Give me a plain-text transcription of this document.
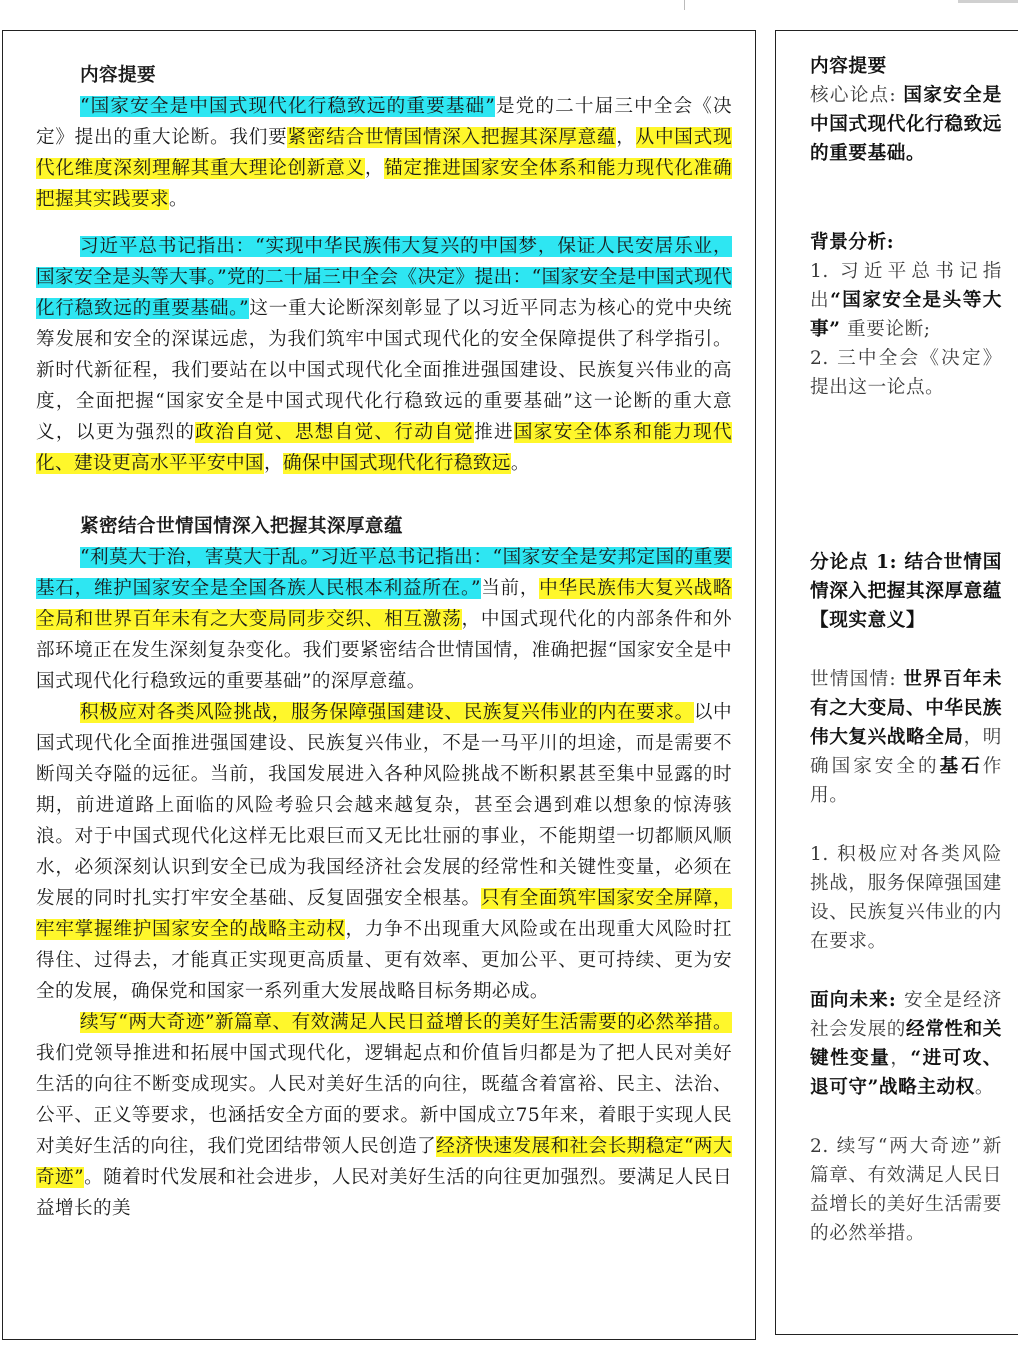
内容提要

“国家安全是中国式现代化行稳致远的重要基础”是党的二十届三中全会《决定》提出的重大论断。我们要紧密结合世情国情深入把握其深厚意蕴，从中国式现代化维度深刻理解其重大理论创新意义，锚定推进国家安全体系和能力现代化准确把握其实践要求。

习近平总书记指出：“实现中华民族伟大复兴的中国梦，保证人民安居乐业，国家安全是头等大事。”党的二十届三中全会《决定》提出：“国家安全是中国式现代化行稳致远的重要基础。”这一重大论断深刻彰显了以习近平同志为核心的党中央统筹发展和安全的深谋远虑，为我们筑牢中国式现代化的安全保障提供了科学指引。新时代新征程，我们要站在以中国式现代化全面推进强国建设、民族复兴伟业的高度，全面把握“国家安全是中国式现代化行稳致远的重要基础”这一论断的重大意义，以更为强烈的政治自觉、思想自觉、行动自觉推进国家安全体系和能力现代化、建设更高水平平安中国，确保中国式现代化行稳致远。

紧密结合世情国情深入把握其深厚意蕴

“利莫大于治，害莫大于乱。”习近平总书记指出：“国家安全是安邦定国的重要基石，维护国家安全是全国各族人民根本利益所在。”当前，中华民族伟大复兴战略全局和世界百年未有之大变局同步交织、相互激荡，中国式现代化的内部条件和外部环境正在发生深刻复杂变化。我们要紧密结合世情国情，准确把握“国家安全是中国式现代化行稳致远的重要基础”的深厚意蕴。

积极应对各类风险挑战，服务保障强国建设、民族复兴伟业的内在要求。以中国式现代化全面推进强国建设、民族复兴伟业，不是一马平川的坦途，而是需要不断闯关夺隘的远征。当前，我国发展进入各种风险挑战不断积累甚至集中显露的时期，前进道路上面临的风险考验只会越来越复杂，甚至会遇到难以想象的惊涛骇浪。对于中国式现代化这样无比艰巨而又无比壮丽的事业，不能期望一切都顺风顺水，必须深刻认识到安全已成为我国经济社会发展的经常性和关键性变量，必须在发展的同时扎实打牢安全基础、反复固强安全根基。只有全面筑牢国家安全屏障，牢牢掌握维护国家安全的战略主动权，力争不出现重大风险或在出现重大风险时扛得住、过得去，才能真正实现更高质量、更有效率、更加公平、更可持续、更为安全的发展，确保党和国家一系列重大发展战略目标务期必成。

续写“两大奇迹”新篇章、有效满足人民日益增长的美好生活需要的必然举措。我们党领导推进和拓展中国式现代化，逻辑起点和价值旨归都是为了把人民对美好生活的向往不断变成现实。人民对美好生活的向往，既蕴含着富裕、民主、法治、公平、正义等要求，也涵括安全方面的要求。新中国成立75年来，着眼于实现人民对美好生活的向往，我们党团结带领人民创造了经济快速发展和社会长期稳定“两大奇迹”。随着时代发展和社会进步，人民对美好生活的向往更加强烈。要满足人民日益增长的美

内容提要
核心论点: 国家安全是中国式现代化行稳致远的重要基础。

背景分析:
1. 习近平总书记指出“国家安全是头等大事” 重要论断;
2. 三中全会《决定》提出这一论点。

分论点 1: 结合世情国情深入把握其深厚意蕴【现实意义】

世情国情: 世界百年未有之大变局、中华民族伟大复兴战略全局，明确国家安全的基石作用。

1. 积极应对各类风险挑战，服务保障强国建设、民族复兴伟业的内在要求。

面向未来: 安全是经济社会发展的经常性和关键性变量，“进可攻、退可守”战略主动权。

2. 续写“两大奇迹”新篇章、有效满足人民日益增长的美好生活需要的必然举措。
